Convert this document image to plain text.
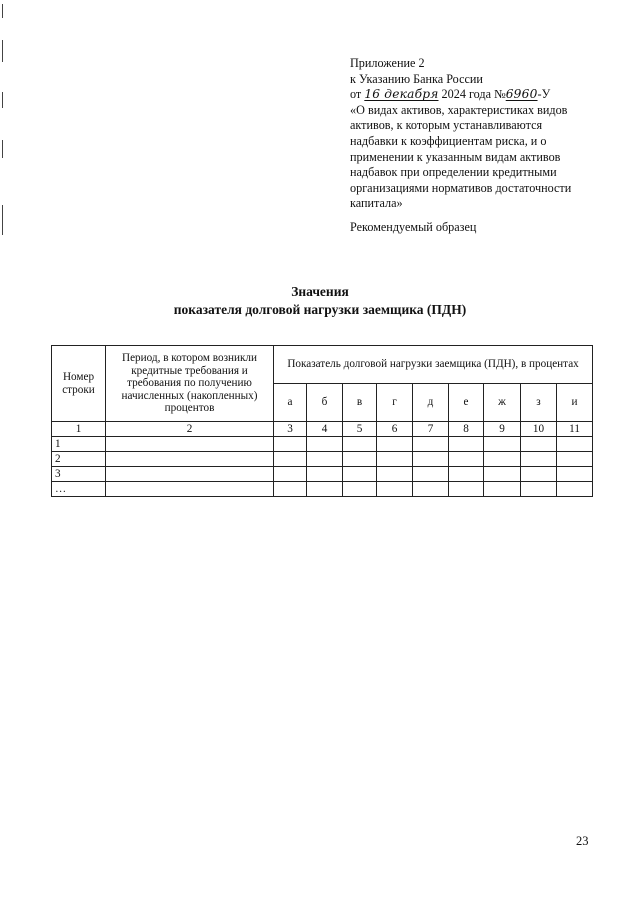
Приложение 2
к Указанию Банка России
от 16 декабря 2024 года №6960-У
«О видах активов, характеристиках видов
активов, к которым устанавливаются
надбавки к коэффициентам риска, и о
применении к указанным видам активов
надбавок при определении кредитными
организациями нормативов достаточности
капитала»
Рекомендуемый образец
Значения
показателя долговой нагрузки заемщика (ПДН)
Номер строки	Период, в котором возникли кредитные требования и требования по получению начисленных (накопленных) процентов	Показатель долговой нагрузки заемщика (ПДН), в процентах								
		а	б	в	г	д	е	ж	з	и
1	2	3	4	5	6	7	8	9	10	11
1										
2										
3										
…										
23
